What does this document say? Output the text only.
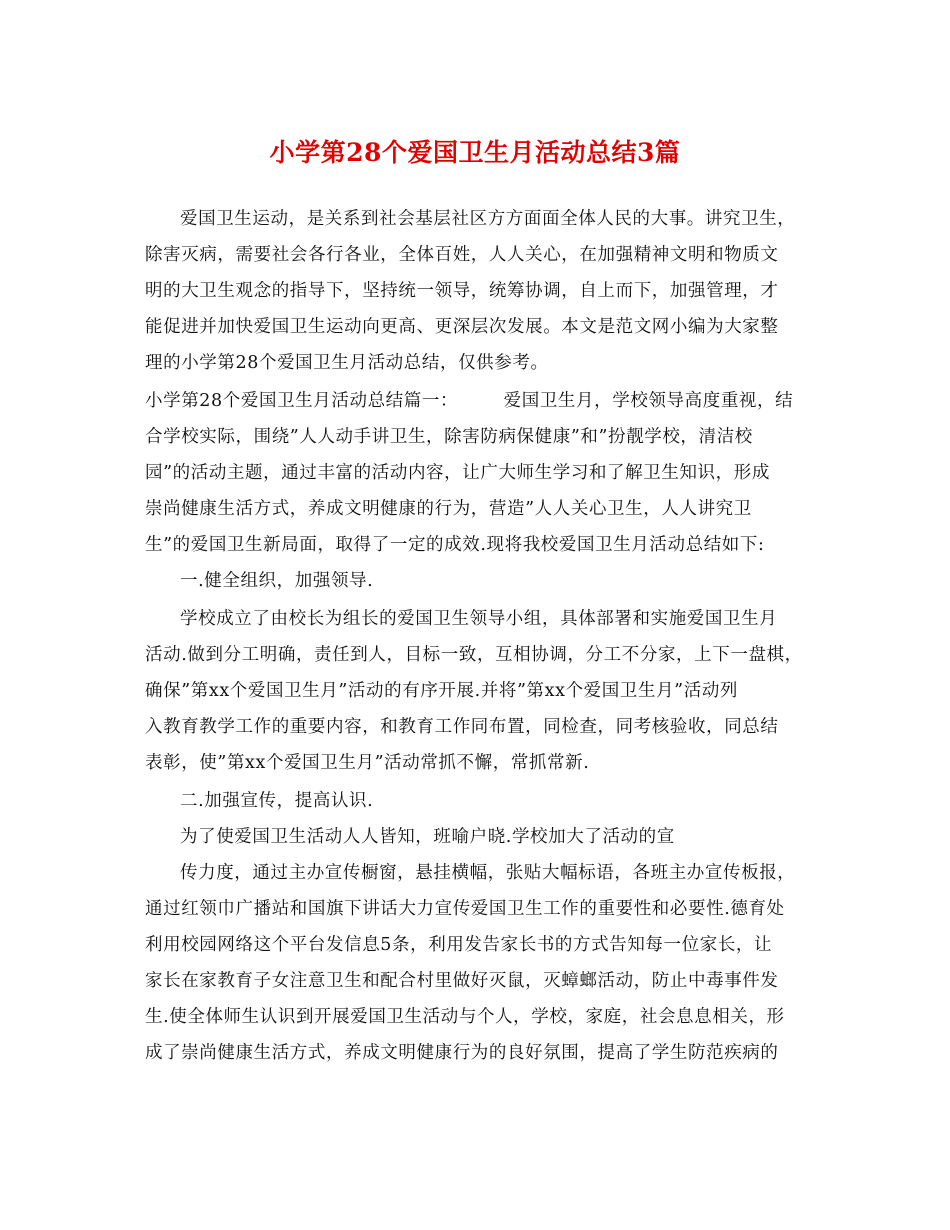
小学第28个爱国卫生月活动总结3篇
爱国卫生运动，是关系到社会基层社区方方面面全体人民的大事。讲究卫生，
除害灭病，需要社会各行各业，全体百姓，人人关心，在加强精神文明和物质文
明的大卫生观念的指导下，坚持统一领导，统筹协调，自上而下，加强管理，才
能促进并加快爱国卫生运动向更高、更深层次发展。本文是范文网小编为大家整
理的小学第28个爱国卫生月活动总结，仅供参考。
小学第28个爱国卫生月活动总结篇一：　　　爱国卫生月，学校领导高度重视，结
合学校实际，围绕”人人动手讲卫生，除害防病保健康”和”扮靓学校，清洁校
园”的活动主题，通过丰富的活动内容，让广大师生学习和了解卫生知识，形成
崇尚健康生活方式，养成文明健康的行为，营造”人人关心卫生，人人讲究卫
生”的爱国卫生新局面，取得了一定的成效.现将我校爱国卫生月活动总结如下:
一.健全组织，加强领导.
学校成立了由校长为组长的爱国卫生领导小组，具体部署和实施爱国卫生月
活动.做到分工明确，责任到人，目标一致，互相协调，分工不分家，上下一盘棋，
确保”第xx个爱国卫生月”活动的有序开展.并将”第xx个爱国卫生月”活动列
入教育教学工作的重要内容，和教育工作同布置，同检查，同考核验收，同总结
表彰，使”第xx个爱国卫生月”活动常抓不懈，常抓常新.
二.加强宣传，提高认识.
为了使爱国卫生活动人人皆知，班喻户晓.学校加大了活动的宣
传力度，通过主办宣传橱窗，悬挂横幅，张贴大幅标语，各班主办宣传板报，
通过红领巾广播站和国旗下讲话大力宣传爱国卫生工作的重要性和必要性.德育处
利用校园网络这个平台发信息5条，利用发告家长书的方式告知每一位家长，让
家长在家教育子女注意卫生和配合村里做好灭鼠，灭蟑螂活动，防止中毒事件发
生.使全体师生认识到开展爱国卫生活动与个人，学校，家庭，社会息息相关，形
成了崇尚健康生活方式，养成文明健康行为的良好氛围，提高了学生防范疾病的
